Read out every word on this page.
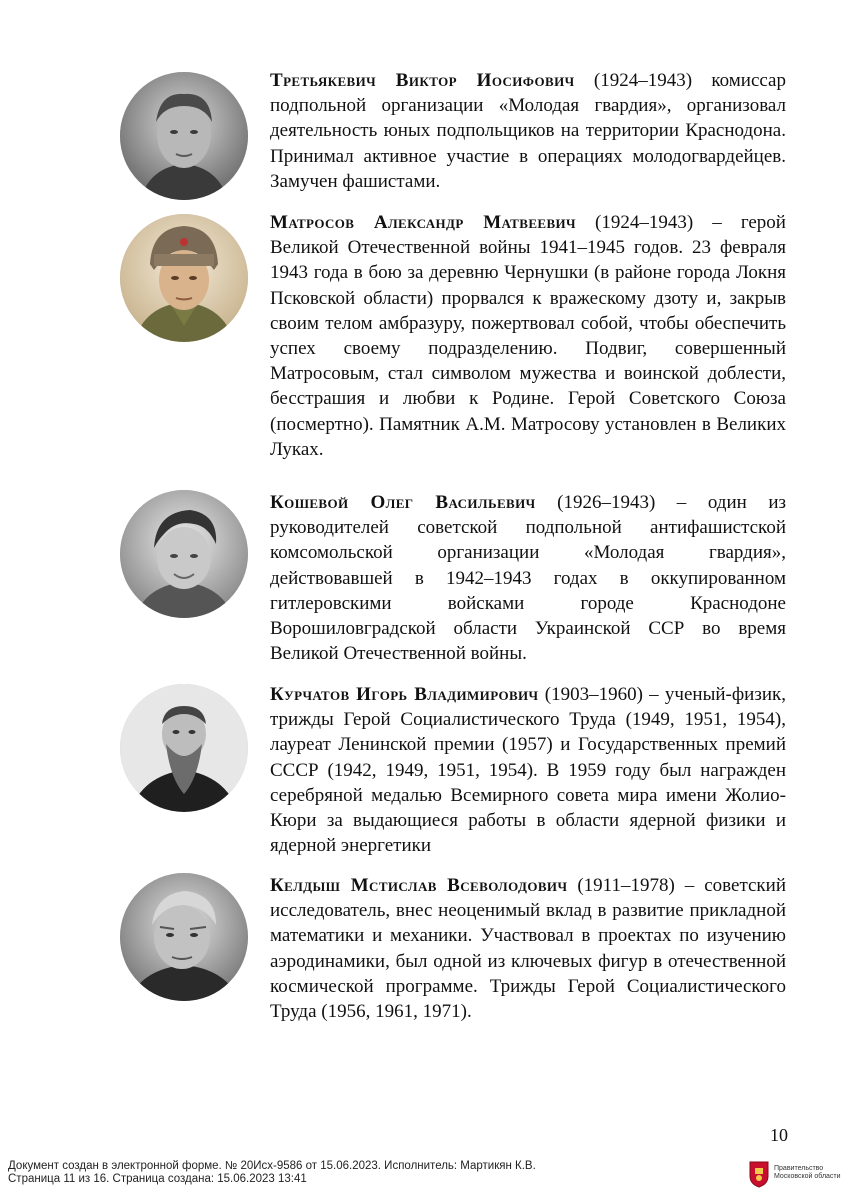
Третьякевич Виктор Иосифович (1924–1943) комиссар подпольной организации «Молодая гвардия», организовал деятельность юных подпольщиков на территории Краснодона. Принимал активное участие в операциях молодогвардейцев. Замучен фашистами.
Матросов Александр Матвеевич (1924–1943) – герой Великой Отечественной войны 1941–1945 годов. 23 февраля 1943 года в бою за деревню Чернушки (в районе города Локня Псковской области) прорвался к вражескому дзоту и, закрыв своим телом амбразуру, пожертвовал собой, чтобы обеспечить успех своему подразделению. Подвиг, совершенный Матросовым, стал символом мужества и воинской доблести, бесстрашия и любви к Родине. Герой Советского Союза (посмертно). Памятник А.М. Матросову установлен в Великих Луках.
Кошевой Олег Васильевич (1926–1943) – один из руководителей советской подпольной антифашистской комсомольской организации «Молодая гвардия», действовавшей в 1942–1943 годах в оккупированном гитлеровскими войсками городе Краснодоне Ворошиловградской области Украинской ССР во время Великой Отечественной войны.
Курчатов Игорь Владимирович (1903–1960) – ученый-физик, трижды Герой Социалистического Труда (1949, 1951, 1954), лауреат Ленинской премии (1957) и Государственных премий СССР (1942, 1949, 1951, 1954). В 1959 году был награжден серебряной медалью Всемирного совета мира имени Жолио-Кюри за выдающиеся работы в области ядерной физики и ядерной энергетики
Келдыш Мстислав Всеволодович (1911–1978) – советский исследователь, внес неоценимый вклад в развитие прикладной математики и механики. Участвовал в проектах по изучению аэродинамики, был одной из ключевых фигур в отечественной космической программе. Трижды Герой Социалистического Труда (1956, 1961, 1971).
10
Документ создан в электронной форме. № 20Исх-9586 от 15.06.2023. Исполнитель: Мартикян К.В.
Страница 11 из 16. Страница создана: 15.06.2023 13:41
Правительство
Московской области
